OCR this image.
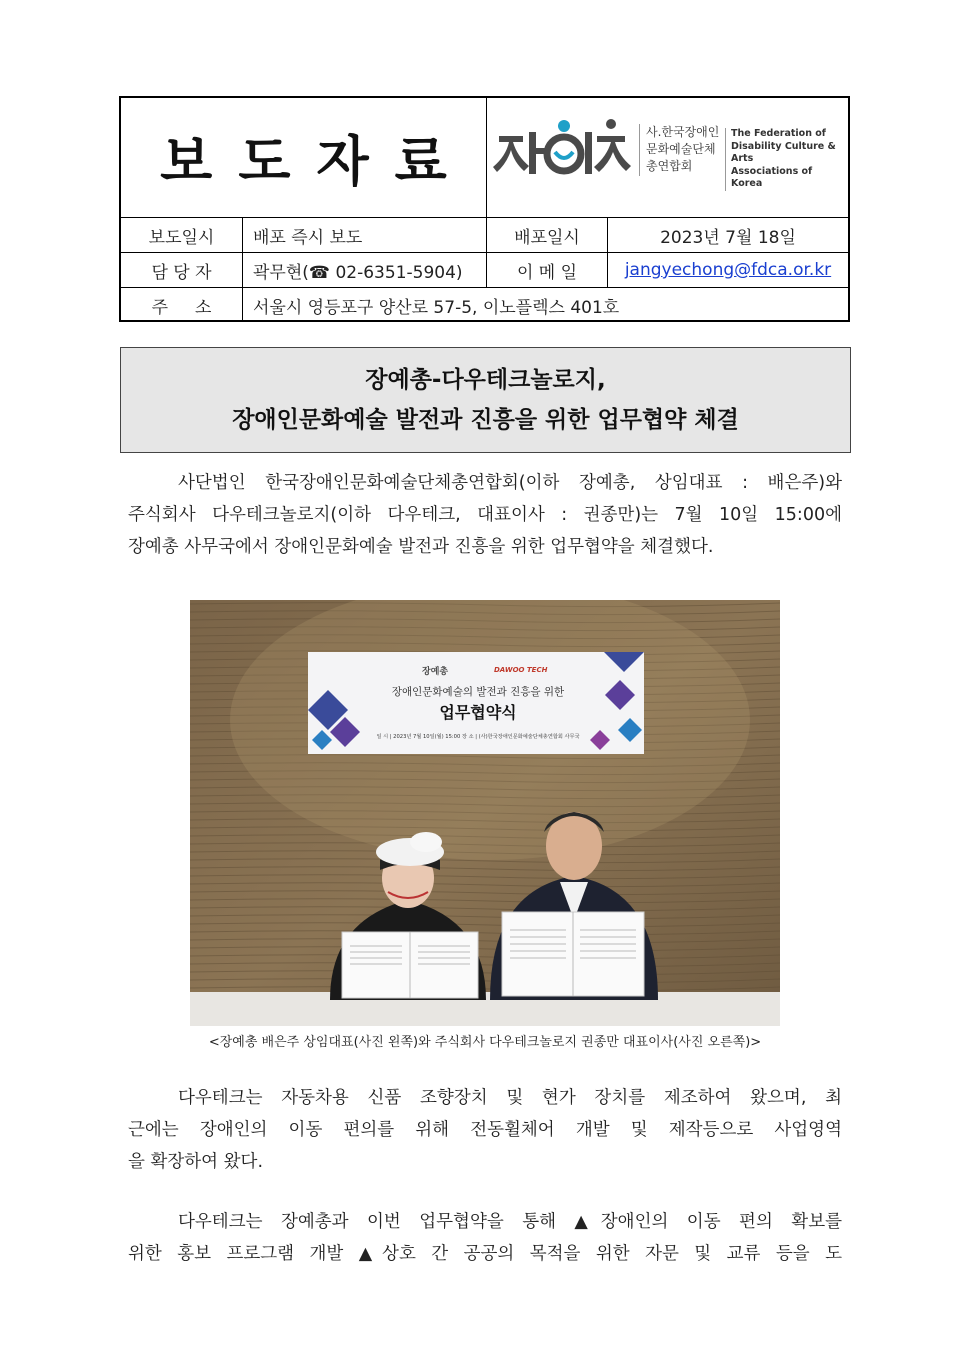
보도자료	사.한국장애인
문화예술단체
총연합회
The Federation of
Disability Culture & Arts
Associations of
Korea
보도일시	배포 즉시 보도	배포일시	2023년 7월 18일
담 당 자	곽무현(☎ 02-6351-5904)	이 메 일	jangyechong@fdca.or.kr
주     소	서울시 영등포구 양산로 57-5, 이노플렉스 401호
장예총-다우테크놀로지,
장애인문화예술 발전과 진흥을 위한 업무협약 체결
사단법인 한국장애인문화예술단체총연합회(이하 장예총, 상임대표 : 배은주)와
주식회사 다우테크놀로지(이하 다우테크, 대표이사 : 권종만)는 7월 10일 15:00에
장예총 사무국에서 장애인문화예술 발전과 진흥을 위한 업무협약을 체결했다.
장예총	DAWOO TECH
장애인문화예술의 발전과 진흥을 위한
업무협약식
일 시 | 2023년 7월 10일(월) 15:00 장 소 | (사)한국장애인문화예술단체총연합회 사무국
<장예총 배은주 상임대표(사진 왼쪽)와 주식회사 다우테크놀로지 권종만 대표이사(사진 오른쪽)>
다우테크는 자동차용 신품 조향장치 및 현가 장치를 제조하여 왔으며, 최
근에는 장애인의 이동 편의를 위해 전동휠체어 개발 및 제작등으로 사업영역
을 확장하여 왔다.
다우테크는 장예총과 이번 업무협약을 통해 ▲장애인의 이동 편의 확보를
위한 홍보 프로그램 개발 ▲상호 간 공공의 목적을 위한 자문 및 교류 등을 도
